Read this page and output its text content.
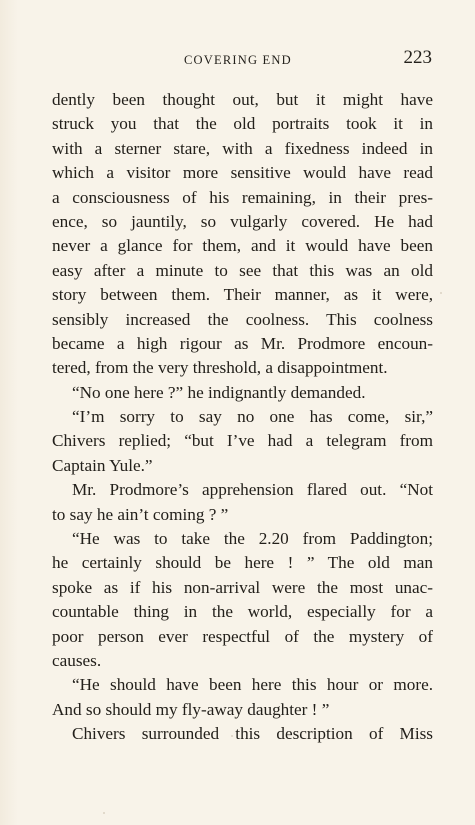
COVERING END	223
dently been thought out, but it might have
struck you that the old portraits took it in
with a sterner stare, with a fixedness indeed in
which a visitor more sensitive would have read
a consciousness of his remaining, in their pres-
ence, so jauntily, so vulgarly covered. He had
never a glance for them, and it would have been
easy after a minute to see that this was an old
story between them. Their manner, as it were,
sensibly increased the coolness. This coolness
became a high rigour as Mr. Prodmore encoun-
tered, from the very threshold, a disappointment.
“No one here ?” he indignantly demanded.
“I’m sorry to say no one has come, sir,”
Chivers replied; “but I’ve had a telegram from
Captain Yule.”
Mr. Prodmore’s apprehension flared out. “Not
to say he ain’t coming ? ”
“He was to take the 2.20 from Paddington;
he certainly should be here ! ” The old man
spoke as if his non-arrival were the most unac-
countable thing in the world, especially for a
poor person ever respectful of the mystery of
causes.
“He should have been here this hour or more.
And so should my fly-away daughter ! ”
Chivers surrounded this description of Miss
